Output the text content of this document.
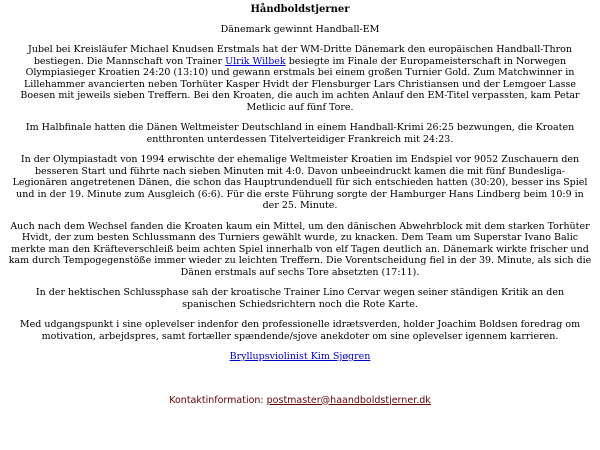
Håndboldstjerner
Dänemark gewinnt Handball-EM

Jubel bei Kreisläufer Michael Knudsen Erstmals hat der WM-Dritte Dänemark den europäischen Handball-Thron bestiegen. Die Mannschaft von Trainer Ulrik Wilbek besiegte im Finale der Europameisterschaft in Norwegen Olympiasieger Kroatien 24:20 (13:10) und gewann erstmals bei einem großen Turnier Gold. Zum Matchwinner in Lillehammer avancierten neben Torhüter Kasper Hvidt der Flensburger Lars Christiansen und der Lemgoer Lasse Boesen mit jeweils sieben Treffern. Bei den Kroaten, die auch im achten Anlauf den EM-Titel verpassten, kam Petar Metlicic auf fünf Tore.

Im Halbfinale hatten die Dänen Weltmeister Deutschland in einem Handball-Krimi 26:25 bezwungen, die Kroaten entthronten unterdessen Titelverteidiger Frankreich mit 24:23.

In der Olympiastadt von 1994 erwischte der ehemalige Weltmeister Kroatien im Endspiel vor 9052 Zuschauern den besseren Start und führte nach sieben Minuten mit 4:0. Davon unbeeindruckt kamen die mit fünf Bundesliga-Legionären angetretenen Dänen, die schon das Hauptrundenduell für sich entschieden hatten (30:20), besser ins Spiel und in der 19. Minute zum Ausgleich (6:6). Für die erste Führung sorgte der Hamburger Hans Lindberg beim 10:9 in der 25. Minute.

Auch nach dem Wechsel fanden die Kroaten kaum ein Mittel, um den dänischen Abwehrblock mit dem starken Torhüter Hvidt, der zum besten Schlussmann des Turniers gewählt wurde, zu knacken. Dem Team um Superstar Ivano Balic merkte man den Kräfteverschleiß beim achten Spiel innerhalb von elf Tagen deutlich an. Dänemark wirkte frischer und kam durch Tempogegenstöße immer wieder zu leichten Treffern. Die Vorentscheidung fiel in der 39. Minute, als sich die Dänen erstmals auf sechs Tore absetzten (17:11).

In der hektischen Schlussphase sah der kroatische Trainer Lino Cervar wegen seiner ständigen Kritik an den spanischen Schiedsrichtern noch die Rote Karte.

Med udgangspunkt i sine oplevelser indenfor den professionelle idrætsverden, holder Joachim Boldsen foredrag om motivation, arbejdspres, samt fortæller spændende/sjove anekdoter om sine oplevelser igennem karrieren.

Bryllupsviolinist Kim Sjøgren

Kontaktinformation: postmaster@haandboldstjerner.dk
